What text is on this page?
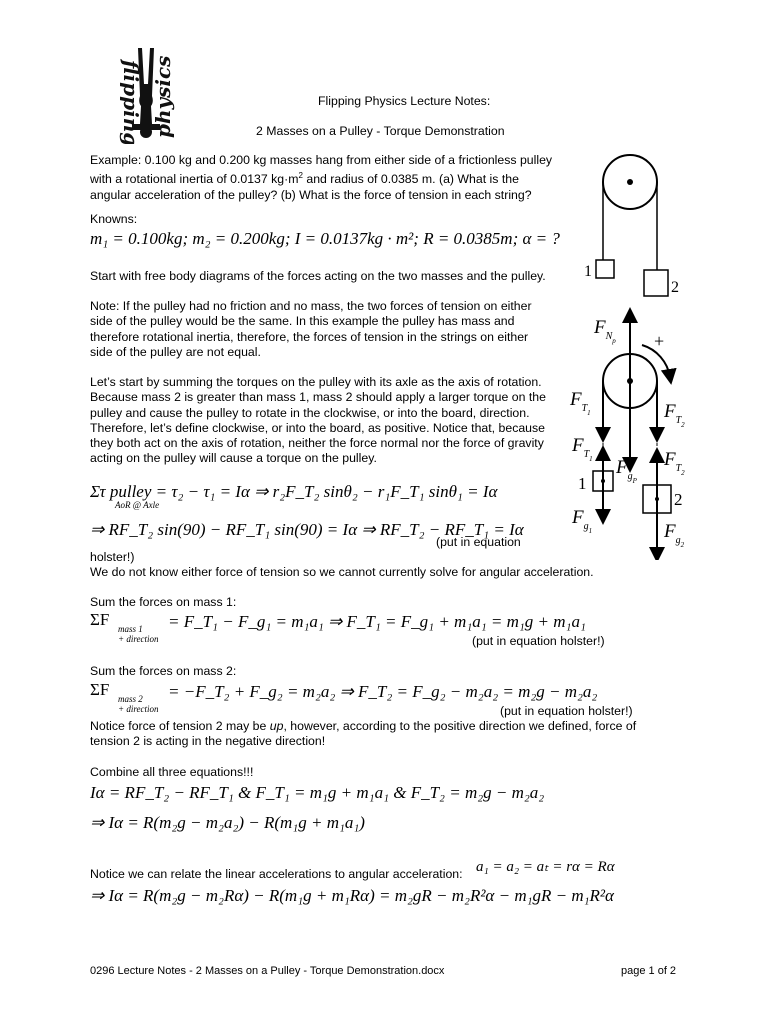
flipping physics	Flipping Physics Lecture Notes:
2 Masses on a Pulley - Torque Demonstration
Example: 0.100 kg and 0.200 kg masses hang from either side of a frictionless pulley
with a rotational inertia of 0.0137 $kg\cdot m^2$ and radius of 0.0385 m. (a) What is the
angular acceleration of the pulley? (b) What is the force of tension in each string?
Knowns:
m₁ = 0.100kg; m₂ = 0.200kg; I = 0.0137kg · m²; R = 0.0385m; α = ?
Start with free body diagrams of the forces acting on the two masses and the pulley.
Note: If the pulley had no friction and no mass, the two forces of tension on either
side of the pulley would be the same. In this example the pulley has mass and
therefore rotational inertia, therefore, the forces of tension in the strings on either
side of the pulley are not equal.
Let’s start by summing the torques on the pulley with its axle as the axis of rotation.
Because mass 2 is greater than mass 1, mass 2 should apply a larger torque on the
pulley and cause the pulley to rotate in the clockwise, or into the board, direction.
Therefore, let’s define clockwise, or into the board, as positive. Notice that, because
they both act on the axis of rotation, neither the force normal nor the force of gravity
acting on the pulley will cause a torque on the pulley.
Στ pulley = τ₂ − τ₁ = Iα ⇒ r₂F_T₂ sinθ₂ − r₁F_T₁ sinθ₁ = Iα
AoR @ Axle
⇒ RF_T₂ sin(90) − RF_T₁ sin(90) = Iα ⇒ RF_T₂ − RF_T₁ = Iα
(put in equation
holster!)
We do not know either force of tension so we cannot currently solve for angular acceleration.
Sum the forces on mass 1:
ΣF mass 1
+ direction
= F_T₁ − F_g₁ = m₁a₁ ⇒ F_T₁ = F_g₁ + m₁a₁ = m₁g + m₁a₁
(put in equation holster!)
Sum the forces on mass 2:
ΣF mass 2
+ direction
= −F_T₂ + F_g₂ = m₂a₂ ⇒ F_T₂ = F_g₂ − m₂a₂ = m₂g − m₂a₂
(put in equation holster!)
Notice force of tension 2 may be up, however, according to the positive direction we defined, force of
tension 2 is acting in the negative direction!
Combine all three equations!!!
Iα = RF_T₂ − RF_T₁ & F_T₁ = m₁g + m₁a₁ & F_T₂ = m₂g − m₂a₂
⇒ Iα = R(m₂g − m₂a₂) − R(m₁g + m₁a₁)
Notice we can relate the linear accelerations to angular acceleration: a₁ = a₂ = aₜ = rα = Rα
⇒ Iα = R(m₂g − m₂Rα) − R(m₁g + m₁Rα) = m₂gR − m₂R²α − m₁gR − m₁R²α
1
2
+
1
2
$F_{Np}$
$F_{T1}$	$F_{T2}$
$F_{T1}$ $F_{gP}$
$F_{T2}$
$F_{g1}$	$F_{g2}$
0296 Lecture Notes - 2 Masses on a Pulley - Torque Demonstration.docx	page 1 of 2
